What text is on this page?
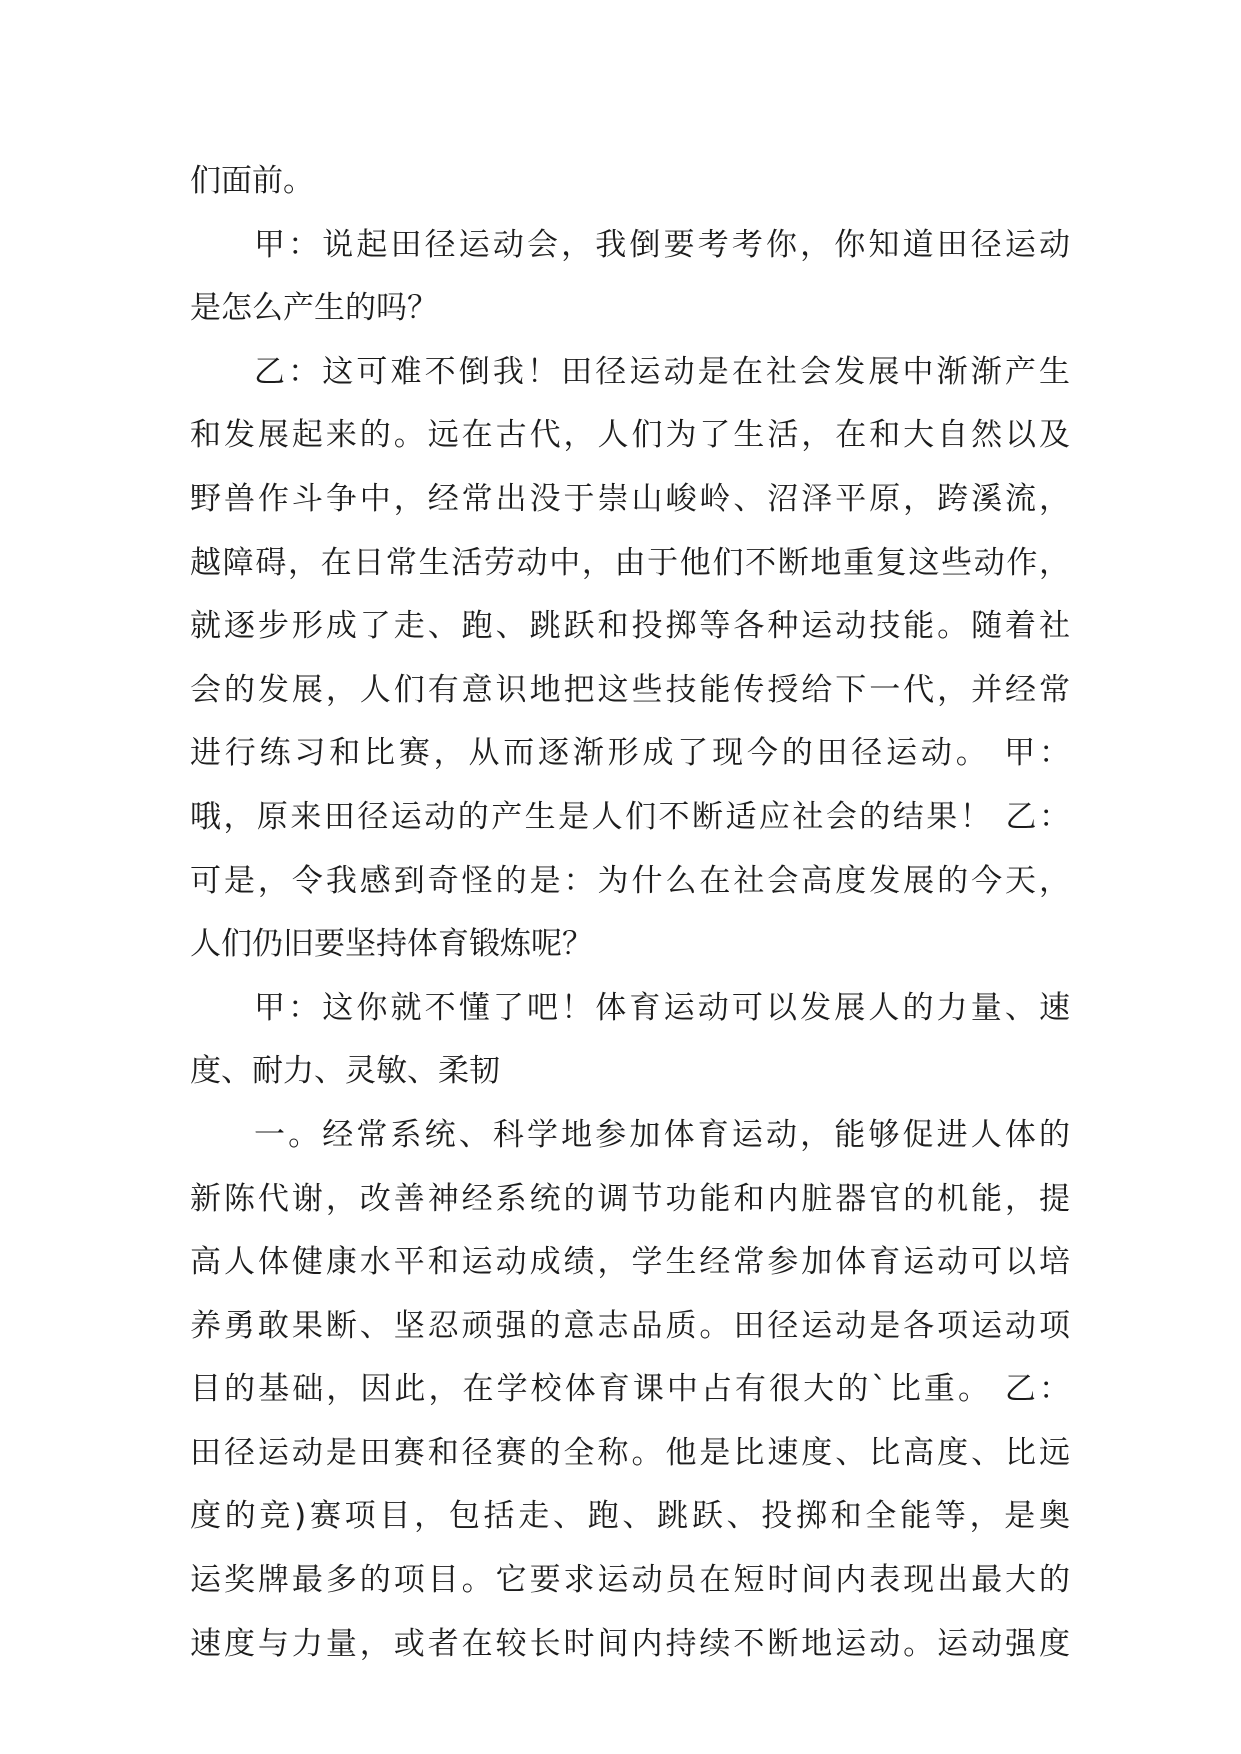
们面前。
甲：说起田径运动会，我倒要考考你，你知道田径运动
是怎么产生的吗？
乙：这可难不倒我！田径运动是在社会发展中渐渐产生
和发展起来的。远在古代，人们为了生活，在和大自然以及
野兽作斗争中，经常出没于崇山峻岭、沼泽平原，跨溪流，
越障碍，在日常生活劳动中，由于他们不断地重复这些动作，
就逐步形成了走、跑、跳跃和投掷等各种运动技能。随着社
会的发展，人们有意识地把这些技能传授给下一代，并经常
进行练习和比赛，从而逐渐形成了现今的田径运动。 甲：
哦，原来田径运动的产生是人们不断适应社会的结果！ 乙：
可是，令我感到奇怪的是：为什么在社会高度发展的今天，
人们仍旧要坚持体育锻炼呢？
甲：这你就不懂了吧！体育运动可以发展人的力量、速
度、耐力、灵敏、柔韧
一。经常系统、科学地参加体育运动，能够促进人体的
新陈代谢，改善神经系统的调节功能和内脏器官的机能，提
高人体健康水平和运动成绩，学生经常参加体育运动可以培
养勇敢果断、坚忍顽强的意志品质。田径运动是各项运动项
目的基础，因此，在学校体育课中占有很大的`比重。 乙：
田径运动是田赛和径赛的全称。他是比速度、比高度、比远
度的竞)赛项目，包括走、跑、跳跃、投掷和全能等，是奥
运奖牌最多的项目。它要求运动员在短时间内表现出最大的
速度与力量，或者在较长时间内持续不断地运动。运动强度
